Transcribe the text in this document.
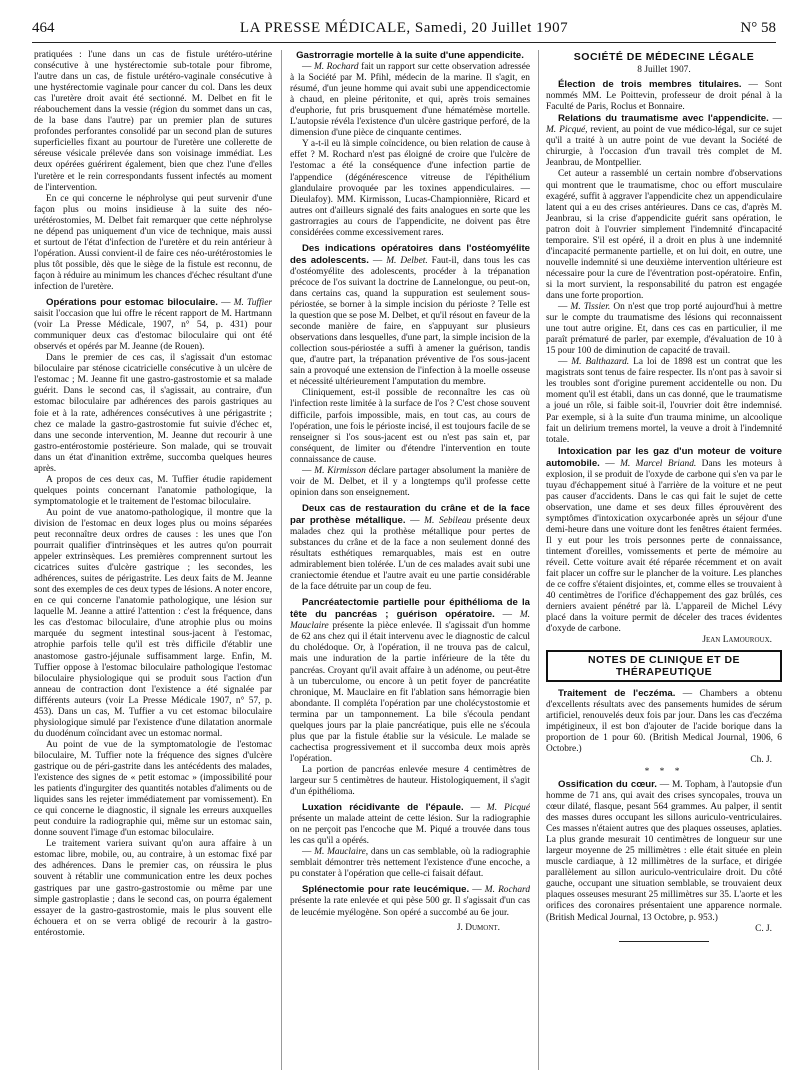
464	LA PRESSE MÉDICALE, Samedi, 20 Juillet 1907	N° 58

pratiquées : l'une dans un cas de fistule urétéro-utérine consécutive à une hystérectomie sub-totale pour fibrome, l'autre dans un cas, de fistule urétéro-vaginale consécutive à une hystérectomie vaginale pour cancer du col. Dans les deux cas l'uretère droit avait été sectionné. M. Delbet en fit le réabouchement dans la vessie (région du sommet dans un cas, de la base dans l'autre) par un premier plan de sutures profondes perforantes consolidé par un second plan de sutures superficielles fixant au pourtour de l'uretère une collerette de séreuse vésicale prélevée dans son voisinage immédiat. Les deux opérées guérirent également, bien que chez l'une d'elles l'uretère et le rein correspondants fussent infectés au moment de l'intervention.

En ce qui concerne le néphrolyse qui peut survenir d'une façon plus ou moins insidieuse à la suite des néo-urétérostomies, M. Delbet fait remarquer que cette néphrolyse ne dépend pas uniquement d'un vice de technique, mais aussi et surtout de l'état d'infection de l'uretère et du rein antérieur à l'opération. Aussi convient-il de faire ces néo-urétérostomies le plus tôt possible, dès que le siège de la fistule est reconnu, de façon à réduire au minimum les chances d'échec résultant d'une infection de l'uretère.

Opérations pour estomac biloculaire. — M. Tuffier saisit l'occasion que lui offre le récent rapport de M. Hartmann (voir La Presse Médicale, 1907, n° 54, p. 431) pour communiquer deux cas d'estomac biloculaire qui ont été observés et opérés par M. Jeanne (de Rouen).

Dans le premier de ces cas, il s'agissait d'un estomac biloculaire par sténose cicatricielle consécutive à un ulcère de l'estomac ; M. Jeanne fit une gastro-gastrostomie et sa malade guérit. Dans le second cas, il s'agissait, au contraire, d'un estomac biloculaire par adhérences des parois gastriques au foie et à la rate, adhérences consécutives à une périgastrite ; chez ce malade la gastro-gastrostomie fut suivie d'échec et, dans une seconde intervention, M. Jeanne dut recourir à une gastro-entérostomie postérieure. Son malade, qui se trouvait dans un état d'inanition extrême, succomba quelques heures après.

A propos de ces deux cas, M. Tuffier étudie rapidement quelques points concernant l'anatomie pathologique, la symptomatologie et le traitement de l'estomac biloculaire.

Au point de vue anatomo-pathologique, il montre que la division de l'estomac en deux loges plus ou moins séparées peut reconnaître deux ordres de causes : les unes que l'on pourrait qualifier d'intrinsèques et les autres qu'on pourrait appeler extrinsèques. Les premières comprennent surtout les cicatrices suites d'ulcère gastrique ; les secondes, les adhérences, suites de périgastrite. Les deux faits de M. Jeanne sont des exemples de ces deux types de lésions. A noter encore, en ce qui concerne l'anatomie pathologique, une lésion sur laquelle M. Jeanne a attiré l'attention : c'est la fréquence, dans les cas d'estomac biloculaire, d'une atrophie plus ou moins marquée du segment intestinal sous-jacent à l'estomac, atrophie parfois telle qu'il est très difficile d'établir une anastomose gastro-jéjunale suffisamment large. Enfin, M. Tuffier oppose à l'estomac biloculaire pathologique l'estomac biloculaire physiologique qui se produit sous l'action d'un anneau de contraction dont l'existence a été signalée par différents auteurs (voir La Presse Médicale 1907, n° 57, p. 453). Dans un cas, M. Tuffier a vu cet estomac biloculaire physiologique simulé par l'existence d'une dilatation anormale du duodénum coïncidant avec un estomac normal.

Au point de vue de la symptomatologie de l'estomac biloculaire, M. Tuffier note la fréquence des signes d'ulcère gastrique ou de péri-gastrite dans les antécédents des malades, l'existence des signes de « petit estomac » (impossibilité pour les patients d'ingurgiter des quantités notables d'aliments ou de liquides sans les rejeter immédiatement par vomissement). En ce qui concerne le diagnostic, il signale les erreurs auxquelles peut conduire la radiographie qui, même sur un estomac sain, donne souvent l'image d'un estomac biloculaire.

Le traitement variera suivant qu'on aura affaire à un estomac libre, mobile, ou, au contraire, à un estomac fixé par des adhérences. Dans le premier cas, on réussira le plus souvent à rétablir une communication entre les deux poches gastriques par une gastro-gastrostomie ou même par une simple gastroplastie ; dans le second cas, on pourra également essayer de la gastro-gastrostomie, mais le plus souvent elle échouera et on se verra obligé de recourir à la gastro-entérostomie.

Gastrorragie mortelle à la suite d'une appendicite.

— M. Rochard fait un rapport sur cette observation adressée à la Société par M. Pfihl, médecin de la marine. Il s'agit, en résumé, d'un jeune homme qui avait subi une appendicectomie à chaud, en pleine péritonite, et qui, après trois semaines d'euphorie, fut pris brusquement d'une hématémèse mortelle. L'autopsie révéla l'existence d'un ulcère gastrique perforé, de la dimension d'une pièce de cinquante centimes.

Y a-t-il eu là simple coïncidence, ou bien relation de cause à effet ? M. Rochard n'est pas éloigné de croire que l'ulcère de l'estomac a été la conséquence d'une infection partie de l'appendice (dégénérescence vitreuse de l'épithélium glandulaire provoquée par les toxines appendiculaires. — Dieulafoy). MM. Kirmisson, Lucas-Championnière, Ricard et autres ont d'ailleurs signalé des faits analogues en sorte que les gastrorragies au cours de l'appendicite, ne doivent pas être considérées comme excessivement rares.

Des indications opératoires dans l'ostéomyélite des adolescents. — M. Delbet. Faut-il, dans tous les cas d'ostéomyélite des adolescents, procéder à la trépanation précoce de l'os suivant la doctrine de Lannelongue, ou peut-on, dans certains cas, quand la suppuration est seulement sous-périostée, se borner à la simple incision du périoste ? Telle est la question que se pose M. Delbet, et qu'il résout en faveur de la seconde manière de faire, en s'appuyant sur plusieurs observations dans lesquelles, d'une part, la simple incision de la collection sous-périostée a suffi à amener la guérison, tandis que, d'autre part, la trépanation préventive de l'os sous-jacent sain a provoqué une extension de l'infection à la moelle osseuse et nécessité ultérieurement l'amputation du membre.

Cliniquement, est-il possible de reconnaître les cas où l'infection reste limitée à la surface de l'os ? C'est chose souvent difficile, parfois impossible, mais, en tout cas, au cours de l'opération, une fois le périoste incisé, il est toujours facile de se renseigner si l'os sous-jacent est ou n'est pas sain et, par conséquent, de limiter ou d'étendre l'intervention en toute connaissance de cause.

— M. Kirmisson déclare partager absolument la manière de voir de M. Delbet, et il y a longtemps qu'il professe cette opinion dans son enseignement.

Deux cas de restauration du crâne et de la face par prothèse métallique. — M. Sebileau présente deux malades chez qui la prothèse métallique pour pertes de substances du crâne et de la face a non seulement donné des résultats esthétiques remarquables, mais est en outre admirablement bien tolérée. L'un de ces malades avait subi une craniectomie étendue et l'autre avait eu une partie considérable de la face détruite par un coup de feu.

Pancréatectomie partielle pour épithélioma de la tête du pancréas ; guérison opératoire. — M. Mauclaire présente la pièce enlevée. Il s'agissait d'un homme de 62 ans chez qui il était intervenu avec le diagnostic de calcul du cholédoque. Or, à l'opération, il ne trouva pas de calcul, mais une induration de la partie inférieure de la tête du pancréas. Croyant qu'il avait affaire à un adénome, ou peut-être à un tuberculome, ou encore à un petit foyer de pancréatite chronique, M. Mauclaire en fit l'ablation sans hémorragie bien abondante. Il compléta l'opération par une cholécystostomie et termina par un tamponnement. La bile s'écoula pendant quelques jours par la plaie pancréatique, puis elle ne s'écoula plus que par la fistule établie sur la vésicule. Le malade se cachectisa progressivement et il succomba deux mois après l'opération.

La portion de pancréas enlevée mesure 4 centimètres de largeur sur 5 centimètres de hauteur. Histologiquement, il s'agit d'un épithélioma.

Luxation récidivante de l'épaule. — M. Picqué présente un malade atteint de cette lésion. Sur la radiographie on ne perçoit pas l'encoche que M. Piqué a trouvée dans tous les cas qu'il a opérés.

— M. Mauclaire, dans un cas semblable, où la radiographie semblait démontrer très nettement l'existence d'une encoche, a pu constater à l'opération que celle-ci faisait défaut.

Splénectomie pour rate leucémique. — M. Rochard présente la rate enlevée et qui pèse 500 gr. Il s'agissait d'un cas de leucémie myélogène. Son opéré a succombé au 6e jour.

J. Dumont.

SOCIÉTÉ DE MÉDECINE LÉGALE

8 Juillet 1907.

Élection de trois membres titulaires. — Sont nommés MM. Le Poittevin, professeur de droit pénal à la Faculté de Paris, Roclus et Bonnaire.

Relations du traumatisme avec l'appendicite. — M. Picqué, revient, au point de vue médico-légal, sur ce sujet qu'il a traité à un autre point de vue devant la Société de chirurgie, à l'occasion d'un travail très complet de M. Jeanbrau, de Montpellier.

Cet auteur a rassemblé un certain nombre d'observations qui montrent que le traumatisme, choc ou effort musculaire exagéré, suffit à aggraver l'appendicite chez un appendiculaire latent qui a eu des crises antérieures. Dans ce cas, d'après M. Jeanbrau, si la crise d'appendicite guérit sans opération, le patron doit à l'ouvrier simplement l'indemnité d'incapacité temporaire. S'il est opéré, il a droit en plus à une indemnité d'incapacité permanente partielle, et on lui doit, en outre, une nouvelle indemnité si une deuxième intervention ultérieure est nécessaire pour la cure de l'éventration post-opératoire. Enfin, si la mort survient, la responsabilité du patron est engagée dans une forte proportion.

— M. Tissier. On n'est que trop porté aujourd'hui à mettre sur le compte du traumatisme des lésions qui reconnaissent une tout autre origine. Et, dans ces cas en particulier, il me paraît prématuré de parler, par exemple, d'évaluation de 10 à 15 pour 100 de diminution de capacité de travail.

— M. Balthazard. La loi de 1898 est un contrat que les magistrats sont tenus de faire respecter. Ils n'ont pas à savoir si les troubles sont d'origine purement accidentelle ou non. Du moment qu'il est établi, dans un cas donné, que le traumatisme a joué un rôle, si faible soit-il, l'ouvrier doit être indemnisé. Par exemple, si à la suite d'un trauma minime, un alcoolique fait un delirium tremens mortel, la veuve a droit à l'indemnité totale.

Intoxication par les gaz d'un moteur de voiture automobile. — M. Marcel Briand. Dans les moteurs à explosion, il se produit de l'oxyde de carbone qui s'en va par le tuyau d'échappement situé à l'arrière de la voiture et ne peut pas causer d'accidents. Dans le cas qui fait le sujet de cette observation, une dame et ses deux filles éprouvèrent des symptômes d'intoxication oxycarbonée après un séjour d'une demi-heure dans une voiture dont les fenêtres étaient fermées. Il y eut pour les trois personnes perte de connaissance, tintement d'oreilles, vomissements et perte de mémoire au réveil. Cette voiture avait été réparée récemment et on avait fait placer un coffre sur le plancher de la voiture. Les planches de ce coffre s'étaient disjointes, et, comme elles se trouvaient à 40 centimètres de l'orifice d'échappement des gaz brûlés, ces derniers avaient pénétré par là. L'appareil de Michel Lévy placé dans la voiture permit de déceler des traces évidentes d'oxyde de carbone.

Jean Lamouroux.

NOTES DE CLINIQUE ET DE THÉRAPEUTIQUE

Traitement de l'eczéma. — Chambers a obtenu d'excellents résultats avec des pansements humides de sérum artificiel, renouvelés deux fois par jour. Dans les cas d'eczéma impétigineux, il est bon d'ajouter de l'acide borique dans la proportion de 1 pour 60. (British Medical Journal, 1906, 6 Octobre.)

Ch. J.

* * *

Ossification du cœur. — M. Topham, à l'autopsie d'un homme de 71 ans, qui avait des crises syncopales, trouva un cœur dilaté, flasque, pesant 564 grammes. Au palper, il sentit des masses dures occupant les sillons auriculo-ventriculaires. Ces masses n'étaient autres que des plaques osseuses, aplaties. La plus grande mesurait 10 centimètres de longueur sur une largeur moyenne de 25 millimètres : elle était située en plein muscle cardiaque, à 12 millimètres de la surface, et dirigée parallèlement au sillon auriculo-ventriculaire droit. Du côté gauche, occupant une situation semblable, se trouvaient deux plaques osseuses mesurant 25 millimètres sur 35. L'aorte et les orifices des coronaires présentaient une apparence normale. (British Medical Journal, 13 Octobre, p. 953.)

C. J.
